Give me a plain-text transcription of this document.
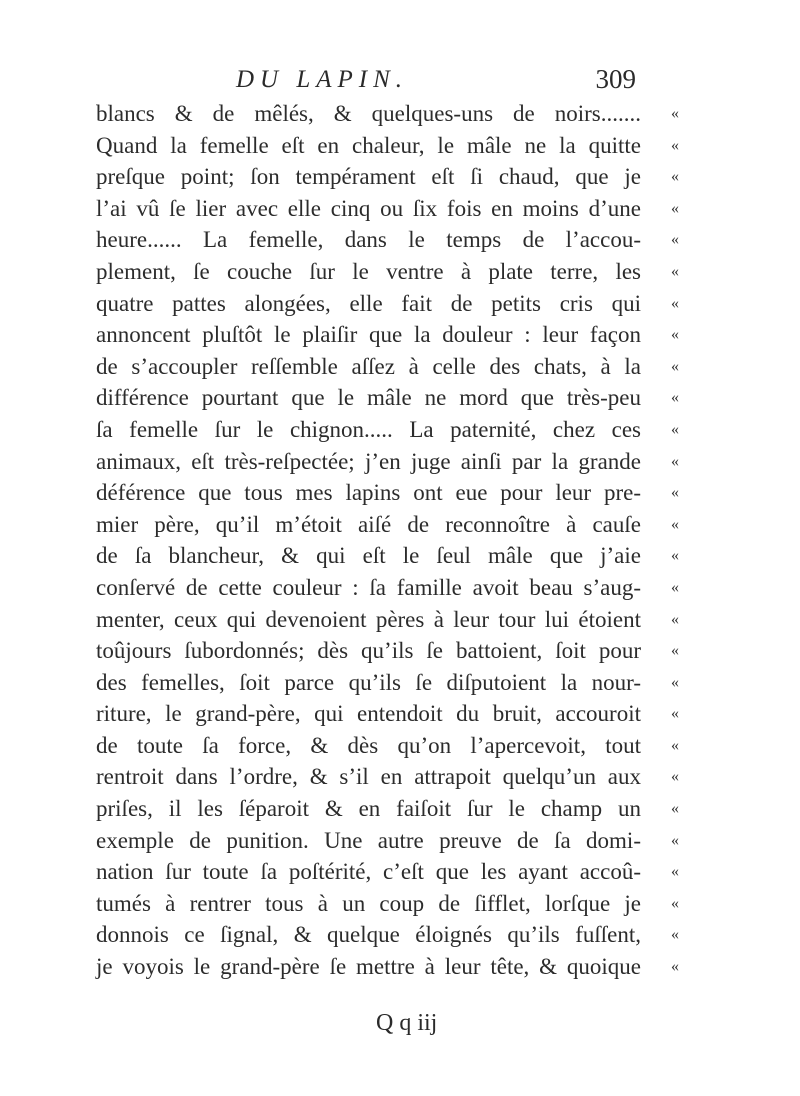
DU LAPIN.	309
blancs & de mêlés, & quelques-uns de noirs.......
Quand la femelle eſt en chaleur, le mâle ne la quitte
preſque point; ſon tempérament eſt ſi chaud, que je
l’ai vû ſe lier avec elle cinq ou ſix fois en moins d’une
heure...... La femelle, dans le temps de l’accou-
plement, ſe couche ſur le ventre à plate terre, les
quatre pattes alongées, elle fait de petits cris qui
annoncent pluſtôt le plaiſir que la douleur : leur façon
de s’accoupler reſſemble aſſez à celle des chats, à la
différence pourtant que le mâle ne mord que très-peu
ſa femelle ſur le chignon..... La paternité, chez ces
animaux, eſt très-reſpectée; j’en juge ainſi par la grande
déférence que tous mes lapins ont eue pour leur pre-
mier père, qu’il m’étoit aiſé de reconnoître à cauſe
de ſa blancheur, & qui eſt le ſeul mâle que j’aie
conſervé de cette couleur : ſa famille avoit beau s’aug-
menter, ceux qui devenoient pères à leur tour lui étoient
toûjours ſubordonnés; dès qu’ils ſe battoient, ſoit pour
des femelles, ſoit parce qu’ils ſe diſputoient la nour-
riture, le grand-père, qui entendoit du bruit, accouroit
de toute ſa force, & dès qu’on l’apercevoit, tout
rentroit dans l’ordre, & s’il en attrapoit quelqu’un aux
priſes, il les ſéparoit & en faiſoit ſur le champ un
exemple de punition. Une autre preuve de ſa domi-
nation ſur toute ſa poſtérité, c’eſt que les ayant accoû-
tumés à rentrer tous à un coup de ſifflet, lorſque je
donnois ce ſignal, & quelque éloignés qu’ils fuſſent,
je voyois le grand-père ſe mettre à leur tête, & quoique
«
«
«
«
«
«
«
«
«
«
«
«
«
«
«
«
«
«
«
«
«
«
«
«
«
«
«
«
Q q iij
